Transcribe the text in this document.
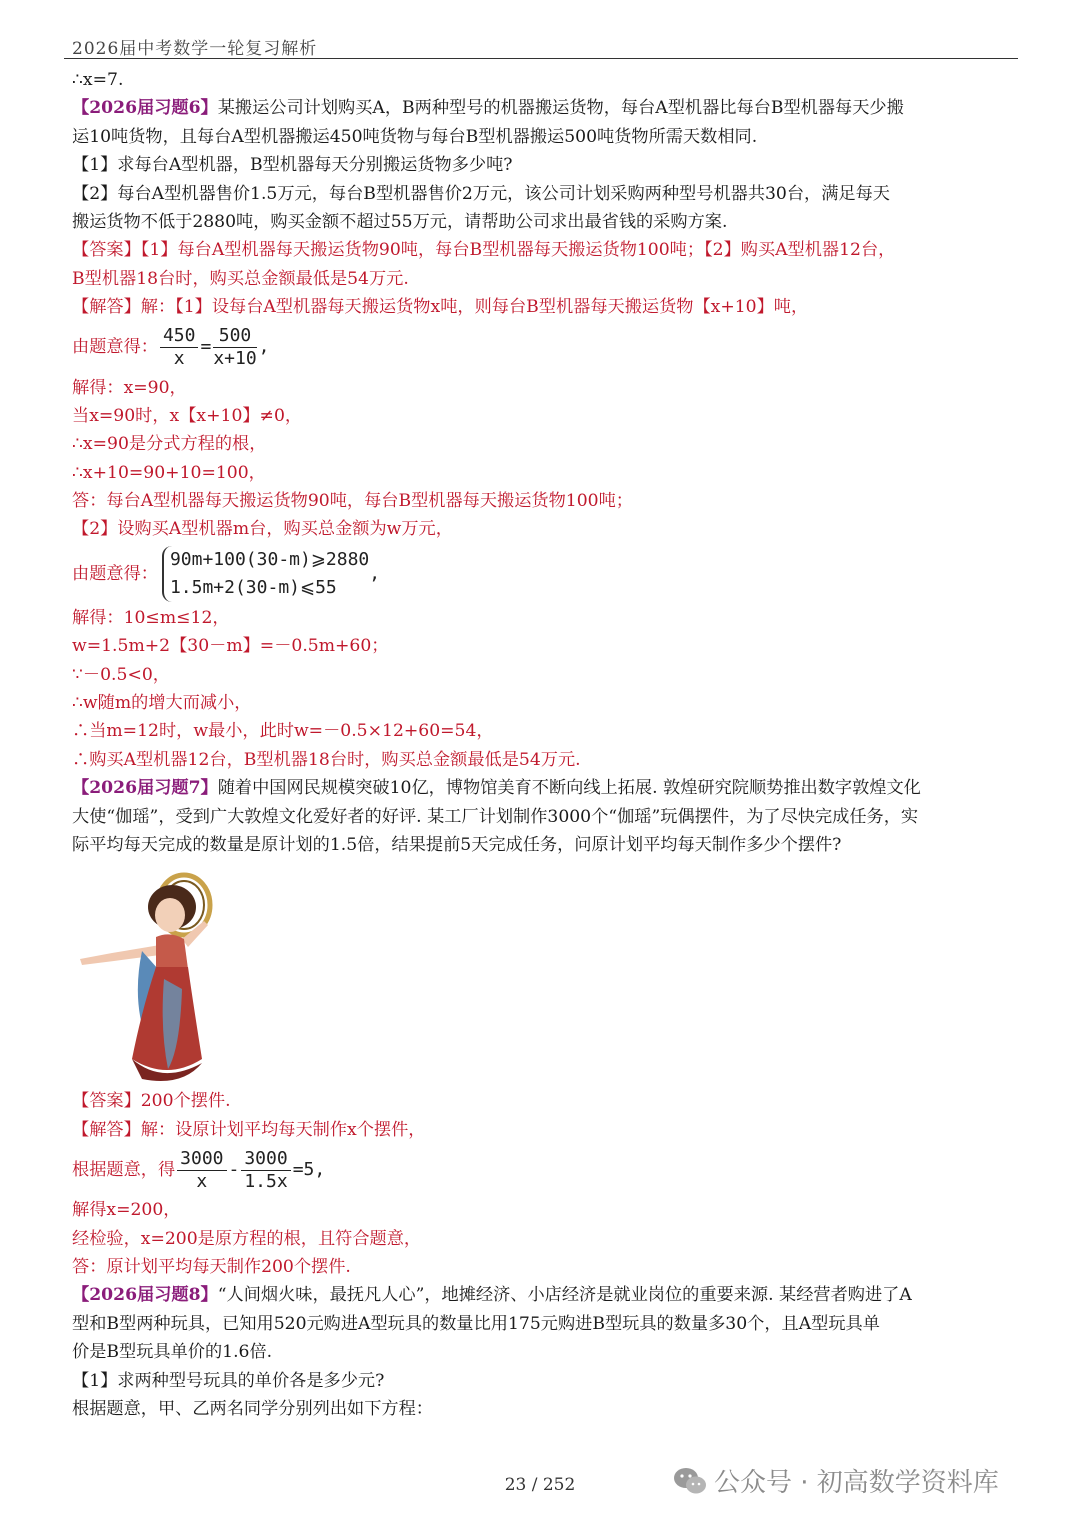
2026届中考数学一轮复习解析
∴x=7.
【2026届习题6】某搬运公司计划购买A，B两种型号的机器搬运货物，每台A型机器比每台B型机器每天少搬
运10吨货物，且每台A型机器搬运450吨货物与每台B型机器搬运500吨货物所需天数相同.
【1】求每台A型机器，B型机器每天分别搬运货物多少吨?
【2】每台A型机器售价1.5万元，每台B型机器售价2万元，该公司计划采购两种型号机器共30台，满足每天
搬运货物不低于2880吨，购买金额不超过55万元，请帮助公司求出最省钱的采购方案.
【答案】【1】每台A型机器每天搬运货物90吨，每台B型机器每天搬运货物100吨；【2】购买A型机器12台，
B型机器18台时，购买总金额最低是54万元.
【解答】解：【1】设每台A型机器每天搬运货物x吨，则每台B型机器每天搬运货物【x+10】吨，
由题意得： $\frac{450}{x} = \frac{500}{x+10}$ ,
解得：x=90，
当x=90时，x【x+10】≠0，
∴x=90是分式方程的根，
∴x+10=90+10=100，
答：每台A型机器每天搬运货物90吨，每台B型机器每天搬运货物100吨；
【2】设购买A型机器m台，购买总金额为w万元，
由题意得：
90m+100(30-m)⩾2880
1.5m+2(30-m)⩽55
,
解得：10≤m≤12，
w=1.5m+2【30－m】=－0.5m+60；
∵－0.5<0，
∴w随m的增大而减小，
∴当m=12时，w最小，此时w=－0.5×12+60=54，
∴购买A型机器12台，B型机器18台时，购买总金额最低是54万元.
【2026届习题7】随着中国网民规模突破10亿，博物馆美育不断向线上拓展. 敦煌研究院顺势推出数字敦煌文化
大使“伽瑶”，受到广大敦煌文化爱好者的好评. 某工厂计划制作3000个“伽瑶”玩偶摆件，为了尽快完成任务，实
际平均每天完成的数量是原计划的1.5倍，结果提前5天完成任务，问原计划平均每天制作多少个摆件?
【答案】200个摆件.
【解答】解：设原计划平均每天制作x个摆件，
根据题意，得 $\frac{3000}{x} - \frac{3000}{1.5x} =5$,
解得x=200，
经检验，x=200是原方程的根，且符合题意，
答：原计划平均每天制作200个摆件.
【2026届习题8】“人间烟火味，最抚凡人心”，地摊经济、小店经济是就业岗位的重要来源. 某经营者购进了A
型和B型两种玩具，已知用520元购进A型玩具的数量比用175元购进B型玩具的数量多30个，且A型玩具单
价是B型玩具单价的1.6倍.
【1】求两种型号玩具的单价各是多少元?
根据题意，甲、乙两名同学分别列出如下方程：
23 / 252	公众号 · 初高数学资料库
